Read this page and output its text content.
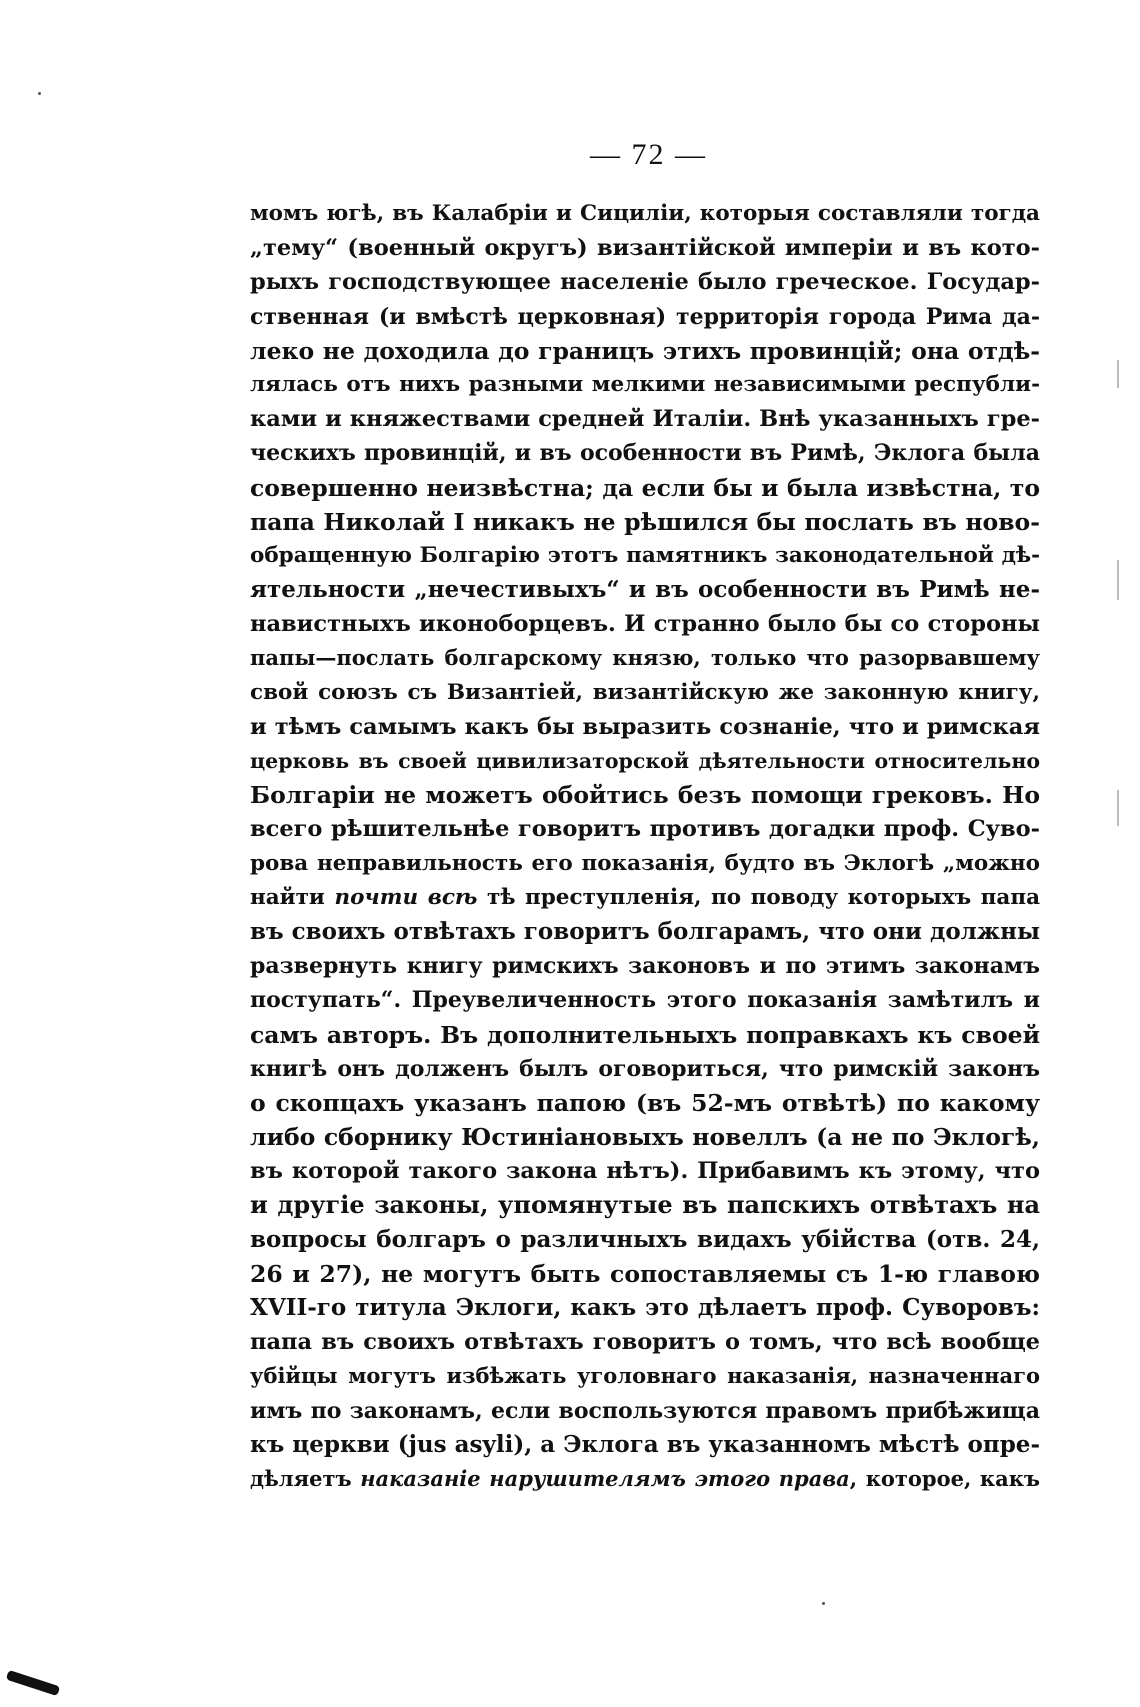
— 72 —
момъ югѣ, въ Калабріи и Сициліи, которыя составляли тогда
„тему“ (военный округъ) византійской имперіи и въ кото-
рыхъ господствующее населеніе было греческое. Государ-
ственная (и вмѣстѣ церковная) территорія города Рима да-
леко не доходила до границъ этихъ провинцій; она отдѣ-
лялась отъ нихъ разными мелкими независимыми республи-
ками и княжествами средней Италіи. Внѣ указанныхъ гре-
ческихъ провинцій, и въ особенности въ Римѣ, Эклога была
совершенно неизвѣстна; да если бы и была извѣстна, то
папа Николай I никакъ не рѣшился бы послать въ ново-
обращенную Болгарію этотъ памятникъ законодательной дѣ-
ятельности „нечестивыхъ“ и въ особенности въ Римѣ не-
навистныхъ иконоборцевъ. И странно было бы со стороны
папы—послать болгарскому князю, только что разорвавшему
свой союзъ съ Византіей, византійскую же законную книгу,
и тѣмъ самымъ какъ бы выразить сознаніе, что и римская
церковь въ своей цивилизаторской дѣятельности относительно
Болгаріи не можетъ обойтись безъ помощи грековъ. Но
всего рѣшительнѣе говоритъ противъ догадки проф. Суво-
рова неправильность его показанія, будто въ Эклогѣ „можно
найти почти всѣ тѣ преступленія, по поводу которыхъ папа
въ своихъ отвѣтахъ говоритъ болгарамъ, что они должны
развернуть книгу римскихъ законовъ и по этимъ законамъ
поступать“. Преувеличенность этого показанія замѣтилъ и
самъ авторъ. Въ дополнительныхъ поправкахъ къ своей
книгѣ онъ долженъ былъ оговориться, что римскій законъ
о скопцахъ указанъ папою (въ 52-мъ отвѣтѣ) по какому
либо сборнику Юстиніановыхъ новеллъ (а не по Эклогѣ,
въ которой такого закона нѣтъ). Прибавимъ къ этому, что
и другіе законы, упомянутые въ папскихъ отвѣтахъ на
вопросы болгаръ о различныхъ видахъ убійства (отв. 24,
26 и 27), не могутъ быть сопоставляемы съ 1-ю главою
XVII-го титула Эклоги, какъ это дѣлаетъ проф. Суворовъ:
папа въ своихъ отвѣтахъ говоритъ о томъ, что всѣ вообще
убійцы могутъ избѣжать уголовнаго наказанія, назначеннаго
имъ по законамъ, если воспользуются правомъ прибѣжища
къ церкви (jus asyli), а Эклога въ указанномъ мѣстѣ опре-
дѣляетъ наказаніе нарушителямъ этого права, которое, какъ
